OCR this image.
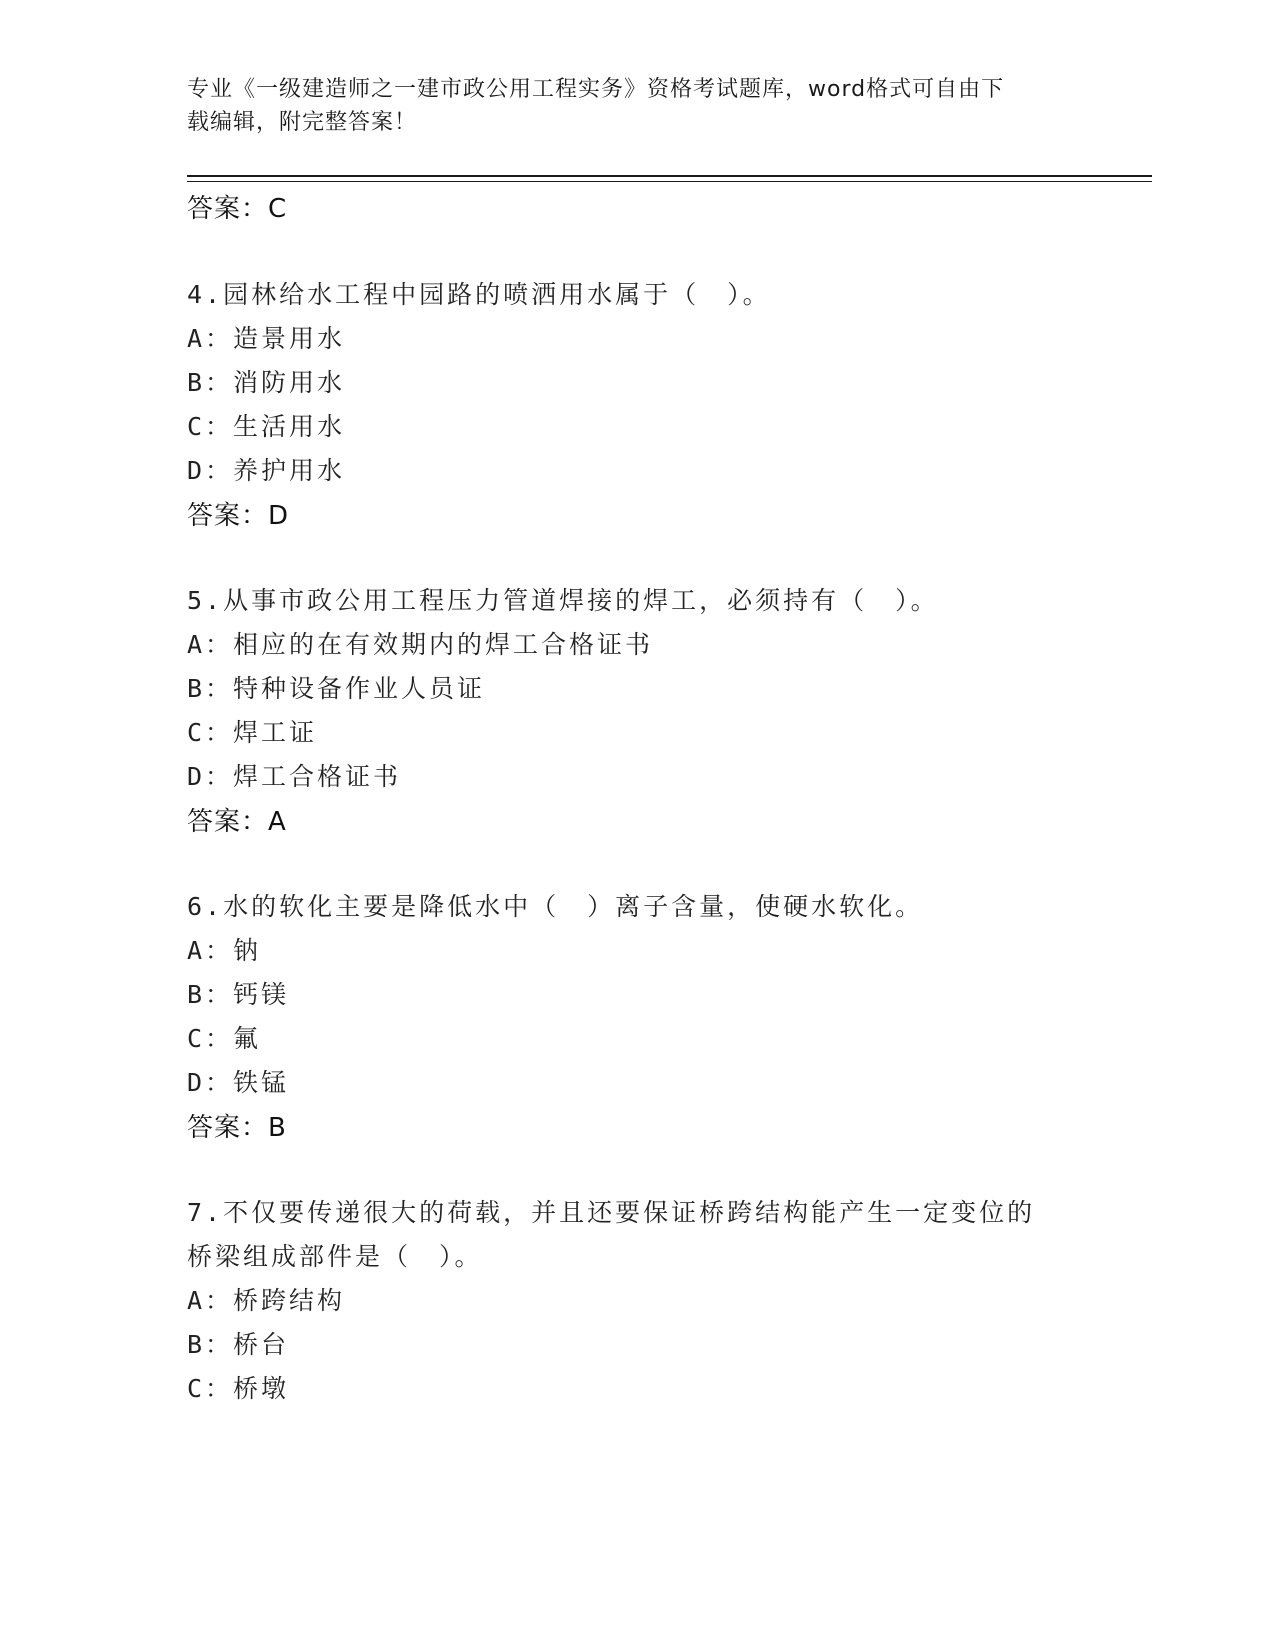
专业《一级建造师之一建市政公用工程实务》资格考试题库，word格式可自由下
载编辑，附完整答案！
答案：C
4.园林给水工程中园路的喷洒用水属于（　）。
A：造景用水
B：消防用水
C：生活用水
D：养护用水
答案：D
5.从事市政公用工程压力管道焊接的焊工，必须持有（　）。
A：相应的在有效期内的焊工合格证书
B：特种设备作业人员证
C：焊工证
D：焊工合格证书
答案：A
6.水的软化主要是降低水中（　）离子含量，使硬水软化。
A：钠
B：钙镁
C：氟
D：铁锰
答案：B
7.不仅要传递很大的荷载，并且还要保证桥跨结构能产生一定变位的
桥梁组成部件是（　）。
A：桥跨结构
B：桥台
C：桥墩
